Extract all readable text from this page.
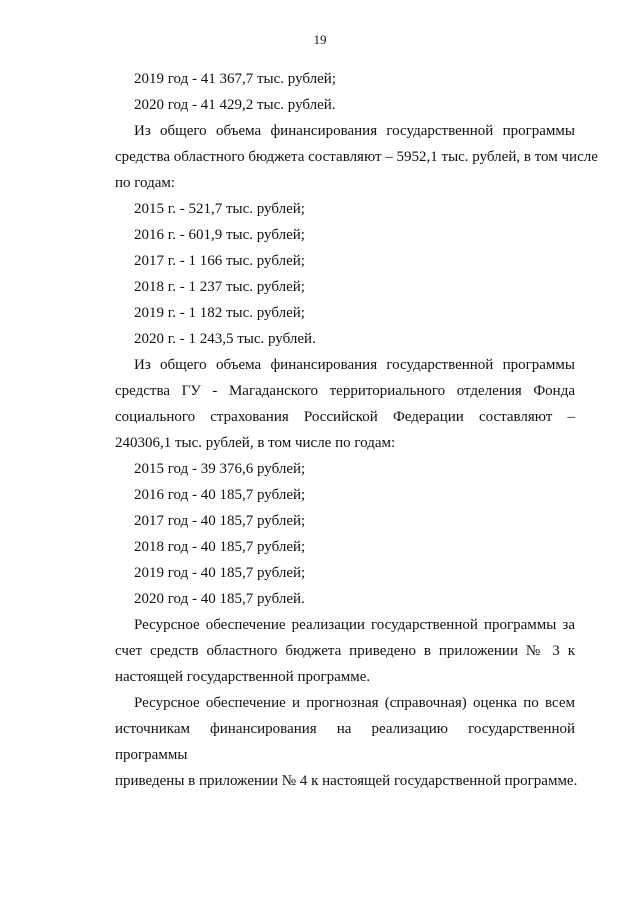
19
2019 год - 41 367,7 тыс. рублей;
2020 год - 41 429,2 тыс. рублей.
Из общего объема финансирования государственной программы
средства областного бюджета составляют – 5952,1 тыс. рублей, в том числе
по годам:
2015 г. - 521,7 тыс. рублей;
2016 г. - 601,9 тыс. рублей;
2017 г. - 1 166 тыс. рублей;
2018 г. - 1 237 тыс. рублей;
2019 г. - 1 182 тыс. рублей;
2020 г. - 1 243,5 тыс. рублей.
Из общего объема финансирования государственной программы
средства ГУ - Магаданского территориального отделения Фонда
социального страхования Российской Федерации составляют –
240306,1 тыс. рублей, в том числе по годам:
2015 год - 39 376,6 рублей;
2016 год - 40 185,7 рублей;
2017 год - 40 185,7 рублей;
2018 год - 40 185,7 рублей;
2019 год - 40 185,7 рублей;
2020 год - 40 185,7 рублей.
Ресурсное обеспечение реализации государственной программы за
счет средств областного бюджета приведено в приложении № 3 к
настоящей государственной программе.
Ресурсное обеспечение и прогнозная (справочная) оценка по всем
источникам финансирования на реализацию государственной программы
приведены в приложении № 4 к настоящей государственной программе.
